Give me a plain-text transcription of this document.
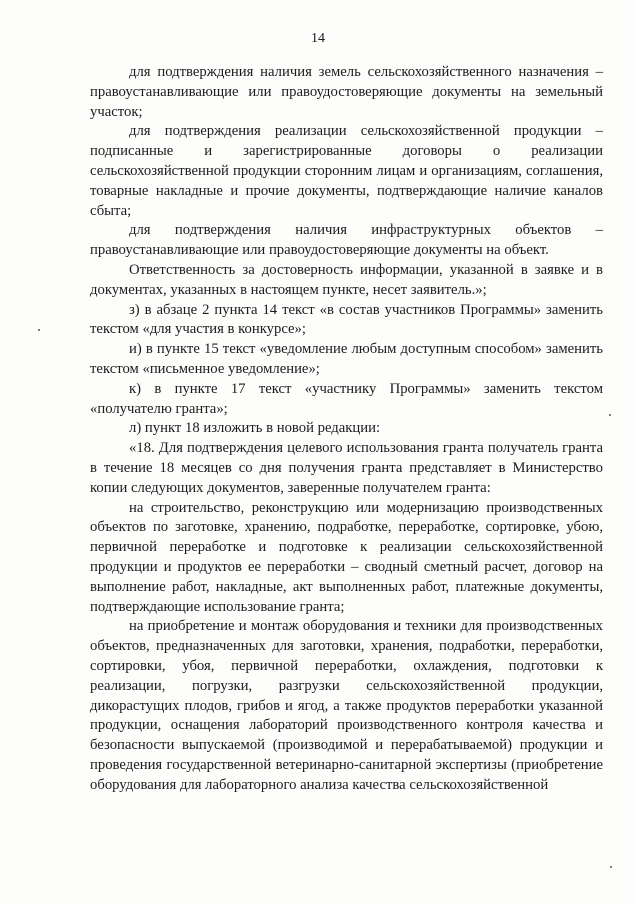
14

для подтверждения наличия земель сельскохозяйственного назначения – правоустанавливающие или правоудостоверяющие документы на земельный участок;

для подтверждения реализации сельскохозяйственной продукции – подписанные и зарегистрированные договоры о реализации сельскохозяйственной продукции сторонним лицам и организациям, соглашения, товарные накладные и прочие документы, подтверждающие наличие каналов сбыта;

для подтверждения наличия инфраструктурных объектов – правоустанавливающие или правоудостоверяющие документы на объект.

Ответственность за достоверность информации, указанной в заявке и в документах, указанных в настоящем пункте, несет заявитель.»;

з) в абзаце 2 пункта 14 текст «в состав участников Программы» заменить текстом «для участия в конкурсе»;

и) в пункте 15 текст «уведомление любым доступным способом» заменить текстом «письменное уведомление»;

к) в пункте 17 текст «участнику Программы» заменить текстом «получателю гранта»;

л) пункт 18 изложить в новой редакции:

«18. Для подтверждения целевого использования гранта получатель гранта в течение 18 месяцев со дня получения гранта представляет в Министерство копии следующих документов, заверенные получателем гранта:

на строительство, реконструкцию или модернизацию производственных объектов по заготовке, хранению, подработке, переработке, сортировке, убою, первичной переработке и подготовке к реализации сельскохозяйственной продукции и продуктов ее переработки – сводный сметный расчет, договор на выполнение работ, накладные, акт выполненных работ, платежные документы, подтверждающие использование гранта;

на приобретение и монтаж оборудования и техники для производственных объектов, предназначенных для заготовки, хранения, подработки, переработки, сортировки, убоя, первичной переработки, охлаждения, подготовки к реализации, погрузки, разгрузки сельскохозяйственной продукции, дикорастущих плодов, грибов и ягод, а также продуктов переработки указанной продукции, оснащения лабораторий производственного контроля качества и безопасности выпускаемой (производимой и перерабатываемой) продукции и проведения государственной ветеринарно-санитарной экспертизы (приобретение оборудования для лабораторного анализа качества сельскохозяйственной
